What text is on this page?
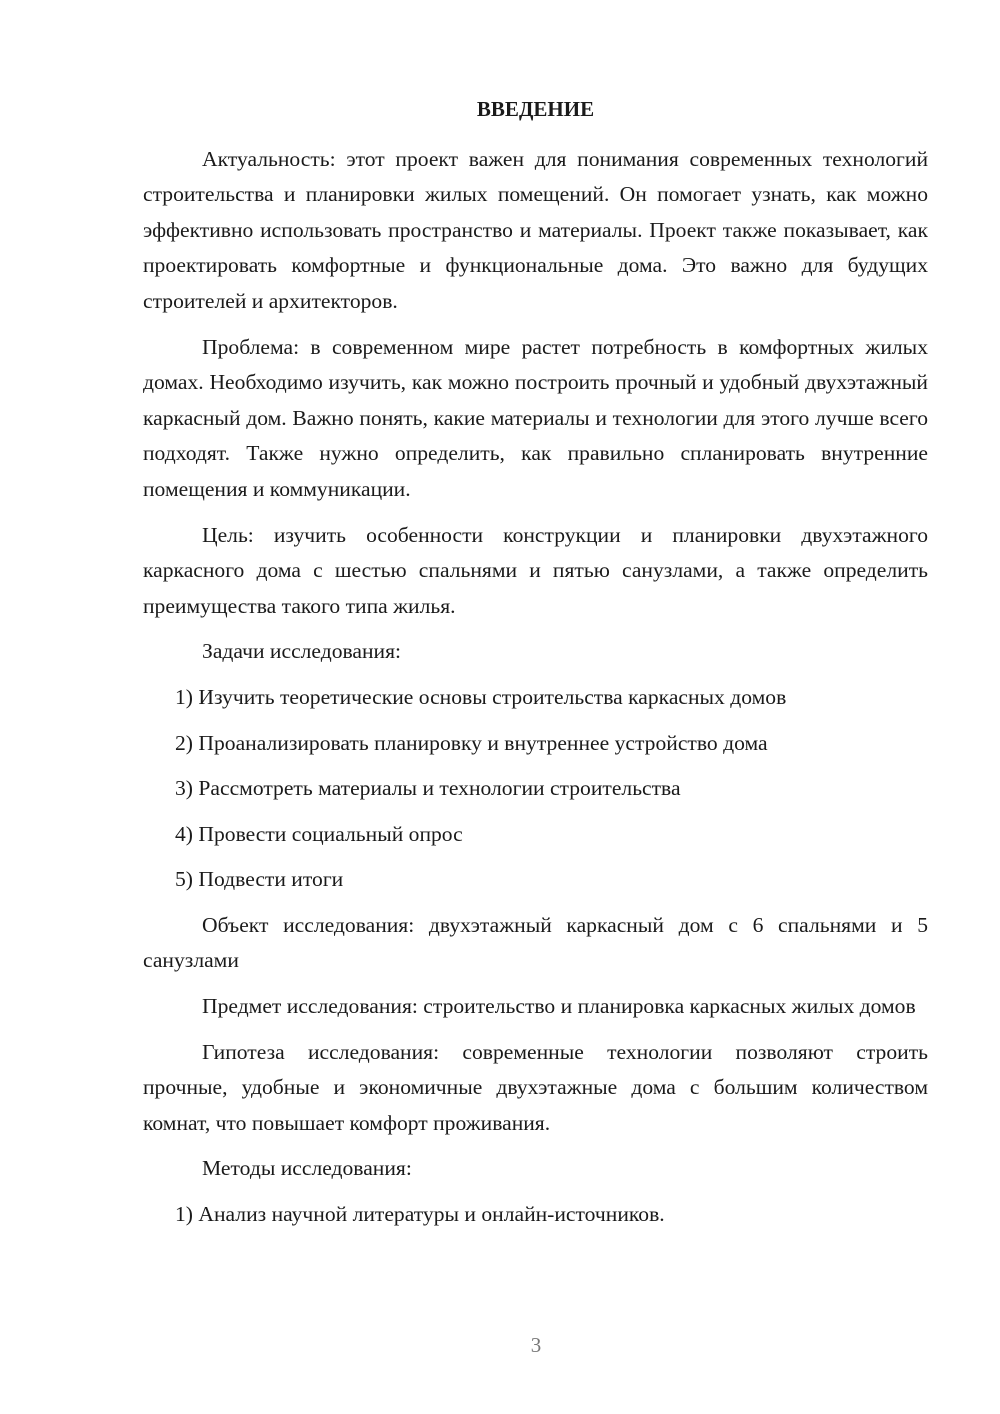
ВВЕДЕНИЕ

Актуальность: этот проект важен для понимания современных технологий строительства и планировки жилых помещений. Он помогает узнать, как можно эффективно использовать пространство и материалы. Проект также показывает, как проектировать комфортные и функциональные дома. Это важно для будущих строителей и архитекторов.

Проблема: в современном мире растет потребность в комфортных жилых домах. Необходимо изучить, как можно построить прочный и удобный двухэтажный каркасный дом. Важно понять, какие материалы и технологии для этого лучше всего подходят. Также нужно определить, как правильно спланировать внутренние помещения и коммуникации.

Цель: изучить особенности конструкции и планировки двухэтажного каркасного дома с шестью спальнями и пятью санузлами, а также определить преимущества такого типа жилья.

Задачи исследования:

1) Изучить теоретические основы строительства каркасных домов
2) Проанализировать планировку и внутреннее устройство дома
3) Рассмотреть материалы и технологии строительства
4) Провести социальный опрос
5) Подвести итоги

Объект исследования: двухэтажный каркасный дом с 6 спальнями и 5 санузлами

Предмет исследования: строительство и планировка каркасных жилых домов

Гипотеза исследования: современные технологии позволяют строить прочные, удобные и экономичные двухэтажные дома с большим количеством комнат, что повышает комфорт проживания.

Методы исследования:

1) Анализ научной литературы и онлайн-источников.
3
